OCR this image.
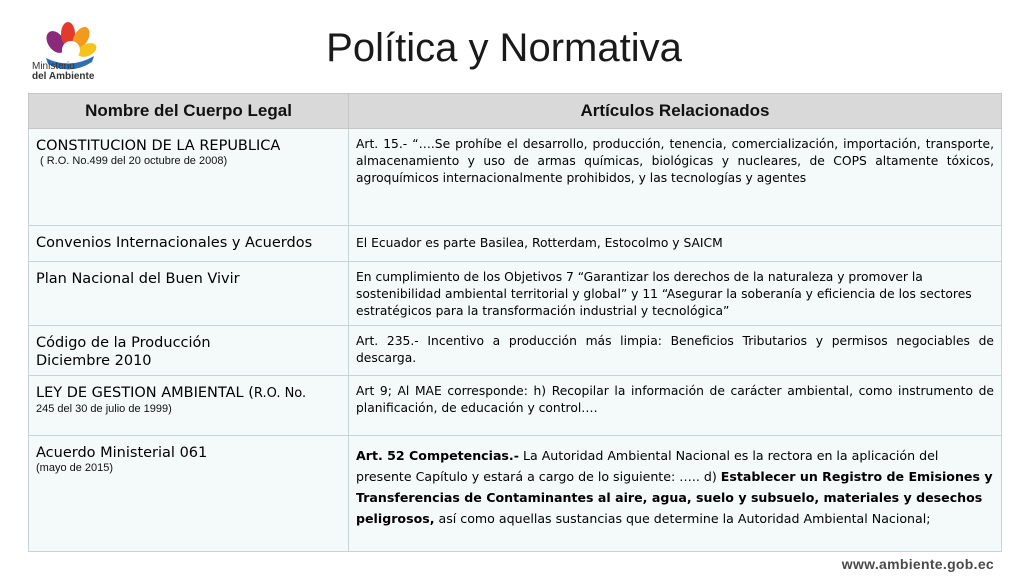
Ministerio
del Ambiente
Política y Normativa
Nombre del Cuerpo Legal	Artículos Relacionados

CONSTITUCION DE LA REPUBLICA
( R.O. No.499 del 20 octubre de 2008)	Art. 15.- “….Se prohíbe el desarrollo, producción, tenencia, comercialización, importación, transporte, almacenamiento y uso de armas químicas, biológicas y nucleares, de COPS altamente tóxicos, agroquímicos internacionalmente prohibidos, y las tecnologías y agentes

Convenios Internacionales y Acuerdos	El Ecuador es parte Basilea, Rotterdam, Estocolmo y SAICM

Plan Nacional del Buen Vivir	En cumplimiento de los Objetivos 7 “Garantizar los derechos de la naturaleza y promover la sostenibilidad ambiental territorial y global” y 11 “Asegurar la soberanía y eficiencia de los sectores estratégicos para la transformación industrial y tecnológica”

Código de la Producción
Diciembre 2010	Art. 235.- Incentivo a producción más limpia: Beneficios Tributarios y permisos negociables de descarga.

LEY DE GESTION AMBIENTAL (R.O. No.
245 del 30 de julio de 1999)	Art 9; Al MAE corresponde: h) Recopilar la información de carácter ambiental, como instrumento de planificación, de educación y control….

Acuerdo Ministerial 061
(mayo de 2015)	Art. 52 Competencias.- La Autoridad Ambiental Nacional es la rectora en la aplicación del presente Capítulo y estará a cargo de lo siguiente: ….. d) Establecer un Registro de Emisiones y Transferencias de Contaminantes al aire, agua, suelo y subsuelo, materiales y desechos peligrosos, así como aquellas sustancias que determine la Autoridad Ambiental Nacional;
www.ambiente.gob.ec
